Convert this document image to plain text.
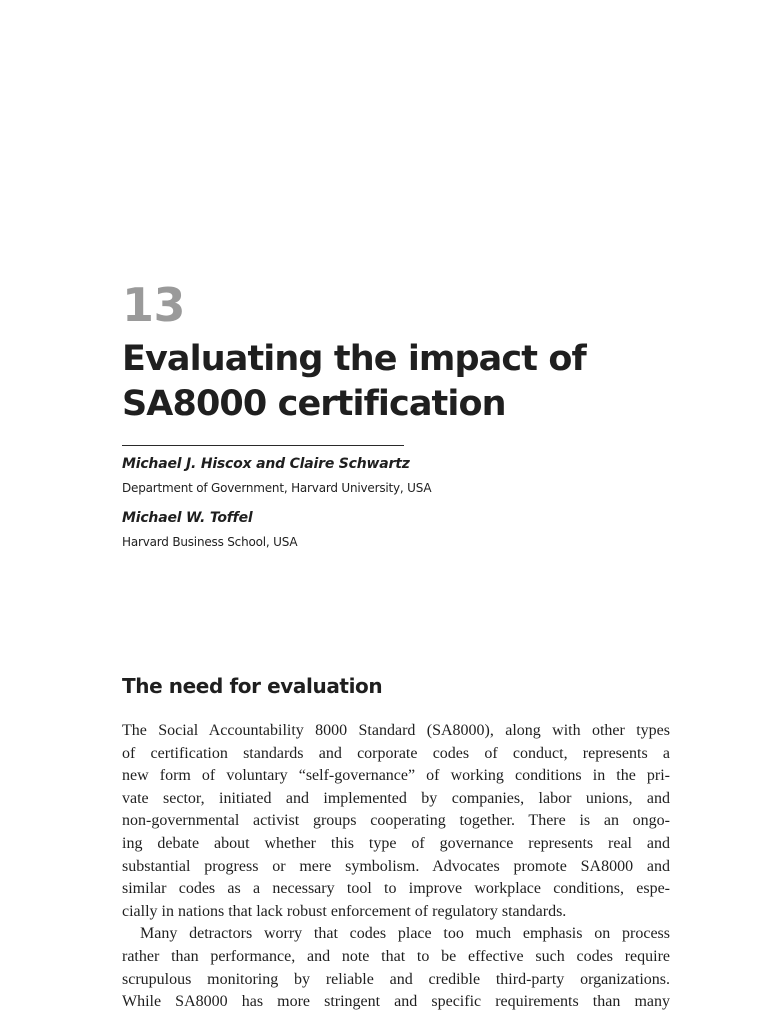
13
Evaluating the impact of
SA8000 certification
Michael J. Hiscox and Claire Schwartz
Department of Government, Harvard University, USA
Michael W. Toffel
Harvard Business School, USA
The need for evaluation

The Social Accountability 8000 Standard (SA8000), along with other types
of certification standards and corporate codes of conduct, represents a
new form of voluntary “self-governance” of working conditions in the pri-
vate sector, initiated and implemented by companies, labor unions, and
non-governmental activist groups cooperating together. There is an ongo-
ing debate about whether this type of governance represents real and
substantial progress or mere symbolism. Advocates promote SA8000 and
similar codes as a necessary tool to improve workplace conditions, espe-
cially in nations that lack robust enforcement of regulatory standards.

Many detractors worry that codes place too much emphasis on process
rather than performance, and note that to be effective such codes require
scrupulous monitoring by reliable and credible third-party organizations.
While SA8000 has more stringent and specific requirements than many
